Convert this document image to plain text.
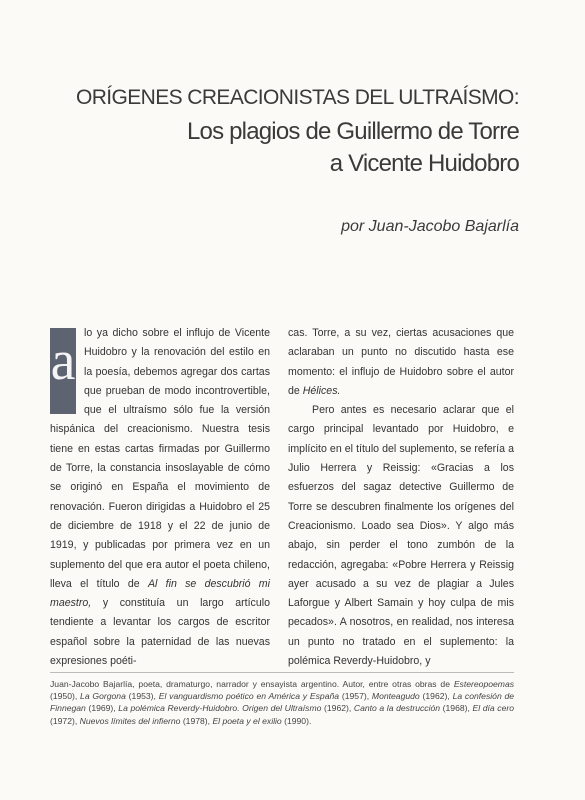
ORÍGENES CREACIONISTAS DEL ULTRAÍSMO:
Los plagios de Guillermo de Torre
a Vicente Huidobro
por Juan-Jacobo Bajarlía
a lo ya dicho sobre el influjo de Vicente Huidobro y la renovación del estilo en la poesía, debemos agregar dos cartas que prueban de modo incontrovertible, que el ultraísmo sólo fue la versión hispánica del creacionismo. Nuestra tesis tiene en estas cartas firmadas por Guillermo de Torre, la constancia insoslayable de cómo se originó en España el movimiento de renovación. Fueron dirigidas a Huidobro el 25 de diciembre de 1918 y el 22 de junio de 1919, y publicadas por primera vez en un suplemento del que era autor el poeta chileno, lleva el título de Al fin se descubrió mi maestro, y constituía un largo artículo tendiente a levantar los cargos de escritor español sobre la paternidad de las nuevas expresiones poéti-
cas. Torre, a su vez, ciertas acusaciones que aclaraban un punto no discutido hasta ese momento: el influjo de Huidobro sobre el autor de Hélices.
Pero antes es necesario aclarar que el cargo principal levantado por Huidobro, e implícito en el título del suplemento, se refería a Julio Herrera y Reissig: «Gracias a los esfuerzos del sagaz detective Guillermo de Torre se descubren finalmente los orígenes del Creacionismo. Loado sea Dios». Y algo más abajo, sin perder el tono zumbón de la redacción, agregaba: «Pobre Herrera y Reissig ayer acusado a su vez de plagiar a Jules Laforgue y Albert Samain y hoy culpa de mis pecados». A nosotros, en realidad, nos interesa un punto no tratado en el suplemento: la polémica Reverdy-Huidobro, y
Juan-Jacobo Bajarlía, poeta, dramaturgo, narrador y ensayista argentino. Autor, entre otras obras de Estereopoemas (1950), La Gorgona (1953), El vanguardismo poético en América y España (1957), Monteagudo (1962), La confesión de Finnegan (1969), La polémica Reverdy-Huidobro. Origen del Ultraísmo (1962), Canto a la destrucción (1968), El día cero (1972), Nuevos límites del infierno (1978), El poeta y el exilio (1990).
